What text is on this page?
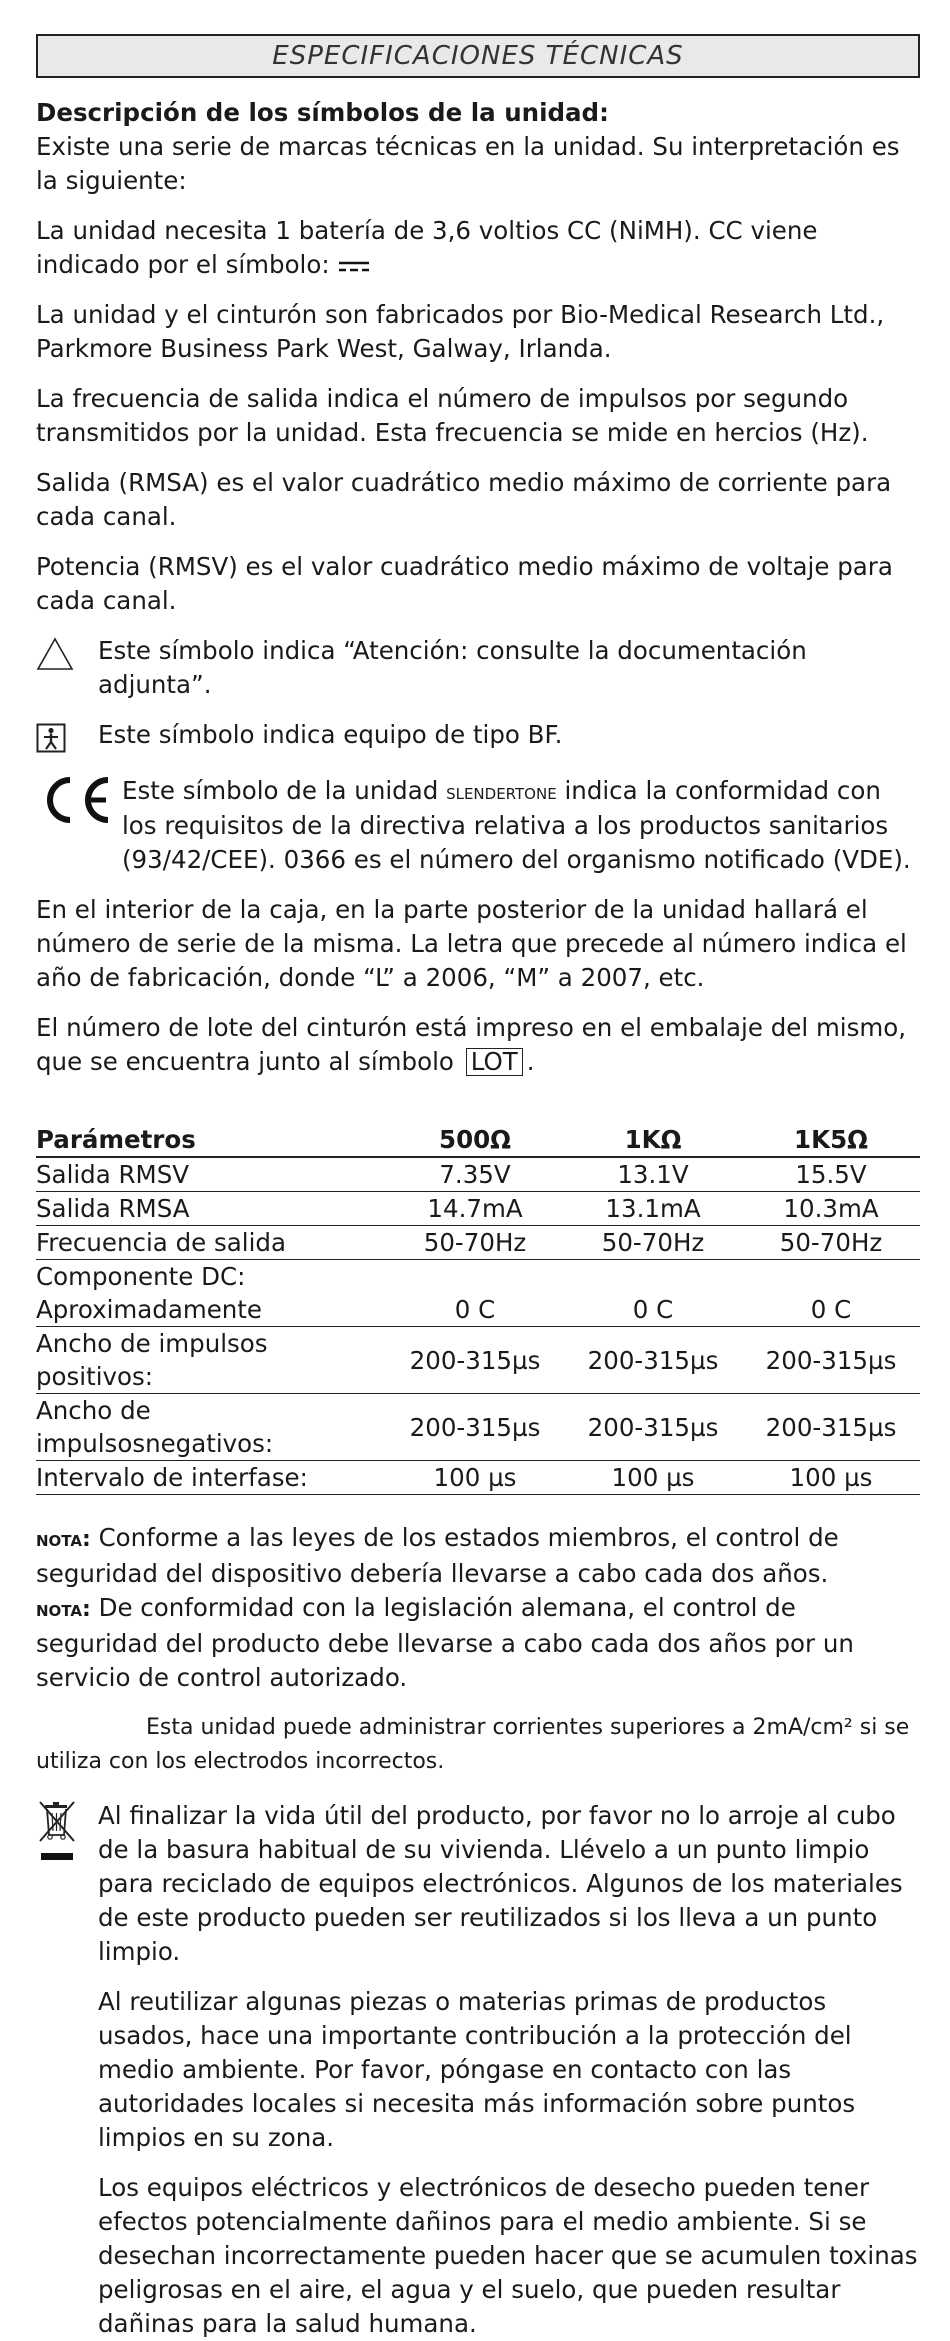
ESPECIFICACIONES TÉCNICAS

Descripción de los símbolos de la unidad:

Existe una serie de marcas técnicas en la unidad. Su interpretación es la siguiente:

La unidad necesita 1 batería de 3,6 voltios CC (NiMH). CC viene indicado por el símbolo:

La unidad y el cinturón son fabricados por Bio-Medical Research Ltd., Parkmore Business Park West, Galway, Irlanda.

La frecuencia de salida indica el número de impulsos por segundo transmitidos por la unidad. Esta frecuencia se mide en hercios (Hz).

Salida (RMSA) es el valor cuadrático medio máximo de corriente para cada canal.

Potencia (RMSV) es el valor cuadrático medio máximo de voltaje para cada canal.

Este símbolo indica “Atención: consulte la documentación adjunta”.
Este símbolo indica equipo de tipo BF.
Este símbolo de la unidad slendertone indica la conformidad con los requisitos de la directiva relativa a los productos sanitarios (93/42/CEE). 0366 es el número del organismo notificado (VDE).

En el interior de la caja, en la parte posterior de la unidad hallará el número de serie de la misma. La letra que precede al número indica el año de fabricación, donde “L” a 2006, “M” a 2007, etc.

El número de lote del cinturón está impreso en el embalaje del mismo, que se encuentra junto al símbolo LOT .

Parámetros	500Ω	1KΩ	1K5Ω
Salida RMSV	7.35V	13.1V	15.5V
Salida RMSA	14.7mA	13.1mA	10.3mA
Frecuencia de salida	50-70Hz	50-70Hz	50-70Hz
Componente DC:			
Aproximadamente	0 C	0 C	0 C
Ancho de impulsos positivos:	200-315µs	200-315µs	200-315µs
Ancho de impulsosnegativos:	200-315µs	200-315µs	200-315µs
Intervalo de interfase:	100 µs	100 µs	100 µs

nota: Conforme a las leyes de los estados miembros, el control de seguridad del dispositivo debería llevarse a cabo cada dos años.

nota: De conformidad con la legislación alemana, el control de seguridad del producto debe llevarse a cabo cada dos años por un servicio de control autorizado.

Esta unidad puede administrar corrientes superiores a 2mA/cm² si se utiliza con los electrodos incorrectos.

Al finalizar la vida útil del producto, por favor no lo arroje al cubo de la basura habitual de su vivienda. Llévelo a un punto limpio para reciclado de equipos electrónicos. Algunos de los materiales de este producto pueden ser reutilizados si los lleva a un punto limpio.

Al reutilizar algunas piezas o materias primas de productos usados, hace una importante contribución a la protección del medio ambiente. Por favor, póngase en contacto con las autoridades locales si necesita más información sobre puntos limpios en su zona.

Los equipos eléctricos y electrónicos de desecho pueden tener efectos potencialmente dañinos para el medio ambiente. Si se desechan incorrectamente pueden hacer que se acumulen toxinas peligrosas en el aire, el agua y el suelo, que pueden resultar dañinas para la salud humana.
